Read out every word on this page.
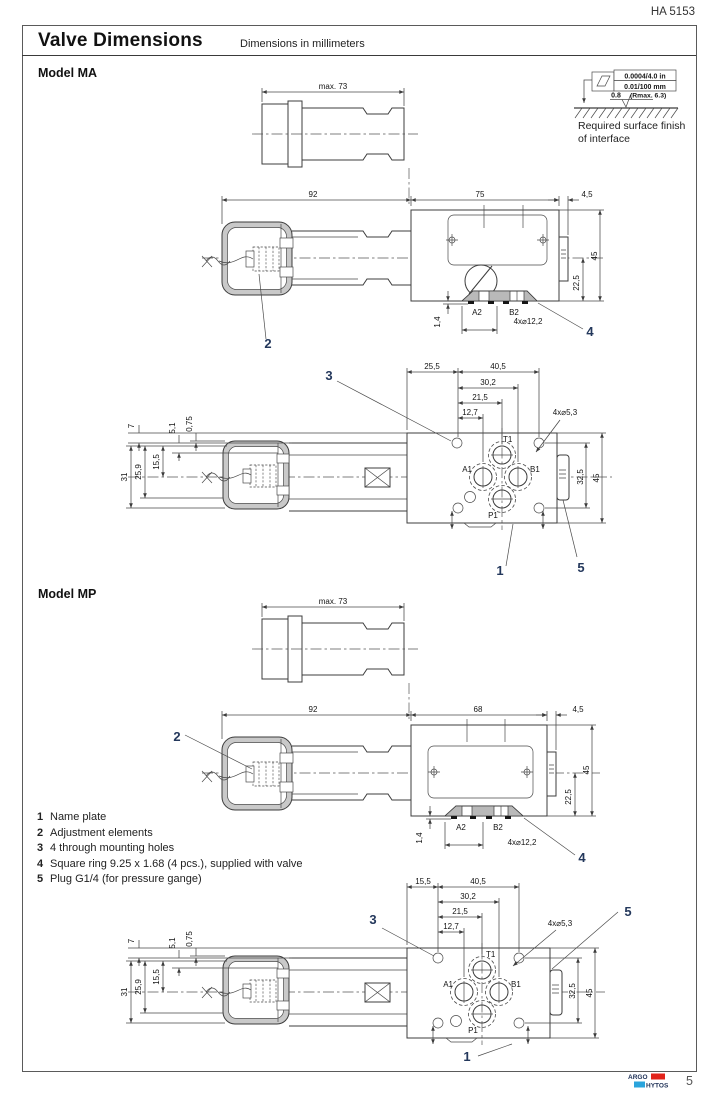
HA 5153
Valve Dimensions	Dimensions in millimeters
Model MA
Model MP
Required surface finish
of interface
1 Name plate
2 Adjustment elements
3 4 through mounting holes
4 Square ring 9.25 x 1.68 (4 pcs.), supplied with valve
5 Plug G1/4 (for pressure gange)
5
0.0004/4.0 in
0.01/100 mm
0.8 (Rmax. 6.3)
max. 73
92	75	4,5
45
22,5
1,4
A2	B2
4x⌀12,2
4
2
T1
A1	B1
P1
25,5	40,5
30,2
21,5
12,7	4x⌀5,3
32,5 45
7	5,1 0,75
15,5
25,9
31
3
1	5
max. 73
92	68	4,5
45
22,5
1,4
A2	B2
4x⌀12,2
4
2
T1
A1	B1
P1
15,5	40,5
30,2
21,5
12,7	4x⌀5,3
32,5 45
7	5,1 0,75
15,5
25,9
31
3
5
1
ARGO
HYTOS
